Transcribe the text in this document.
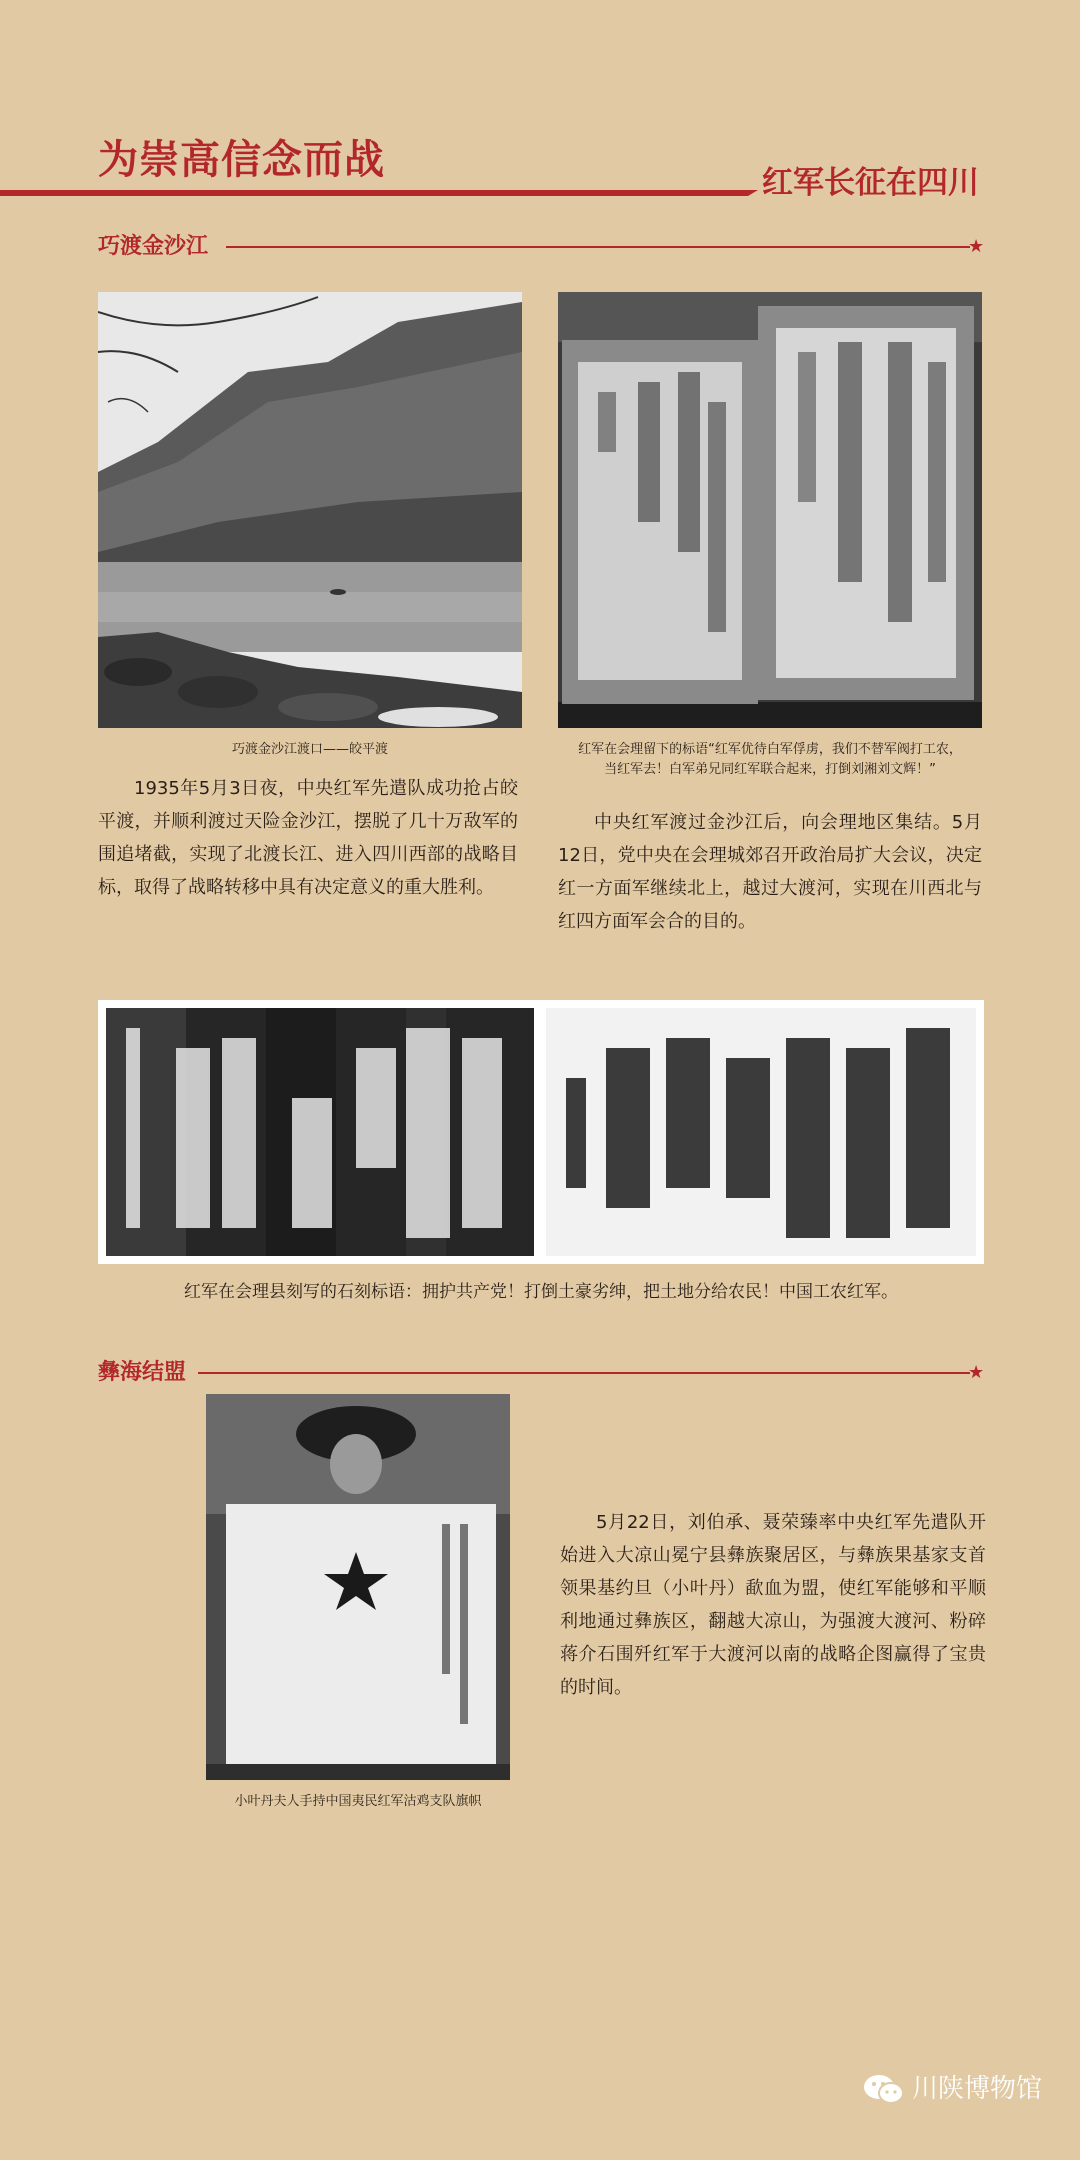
为崇高信念而战	红军长征在四川
巧渡金沙江	★
巧渡金沙江渡口——皎平渡	红军在会理留下的标语“红军优待白军俘虏，我们不替军阀打工农，
当红军去！白军弟兄同红军联合起来，打倒刘湘刘文辉！”

1935年5月3日夜，中央红军先遣队成功抢占皎平渡，并顺利渡过天险金沙江，摆脱了几十万敌军的围追堵截，实现了北渡长江、进入四川西部的战略目标，取得了战略转移中具有决定意义的重大胜利。

中央红军渡过金沙江后，向会理地区集结。5月12日，党中央在会理城郊召开政治局扩大会议，决定红一方面军继续北上，越过大渡河，实现在川西北与红四方面军会合的目的。

红军在会理县刻写的石刻标语：拥护共产党！打倒土豪劣绅，把土地分给农民！中国工农红军。
彝海结盟	★
小叶丹夫人手持中国夷民红军沽鸡支队旗帜

5月22日，刘伯承、聂荣臻率中央红军先遣队开始进入大凉山冕宁县彝族聚居区，与彝族果基家支首领果基约旦（小叶丹）歃血为盟，使红军能够和平顺利地通过彝族区，翻越大凉山，为强渡大渡河、粉碎蒋介石围歼红军于大渡河以南的战略企图赢得了宝贵的时间。

川陕博物馆
